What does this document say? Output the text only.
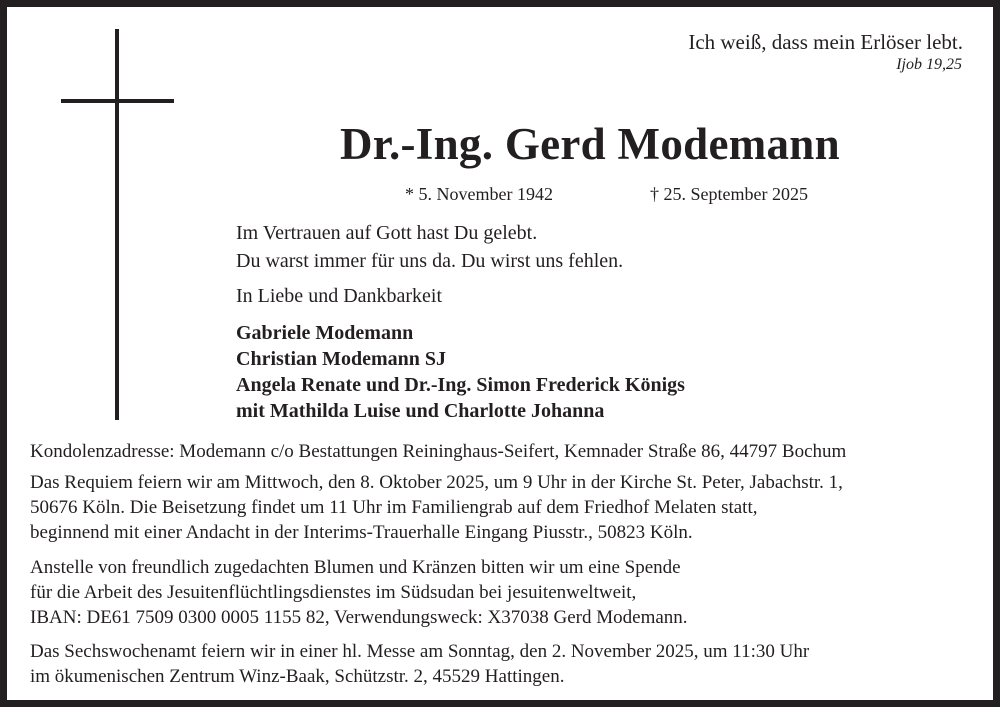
Ich weiß, dass mein Erlöser lebt.
Ijob 19,25
Dr.-Ing. Gerd Modemann
* 5. November 1942	† 25. September 2025
Im Vertrauen auf Gott hast Du gelebt.
Du warst immer für uns da. Du wirst uns fehlen.
In Liebe und Dankbarkeit
Gabriele Modemann
Christian Modemann SJ
Angela Renate und Dr.-Ing. Simon Frederick Königs
mit Mathilda Luise und Charlotte Johanna
Kondolenzadresse: Modemann c/o Bestattungen Reininghaus-Seifert, Kemnader Straße 86, 44797 Bochum
Das Requiem feiern wir am Mittwoch, den 8. Oktober 2025, um 9 Uhr in der Kirche St. Peter, Jabachstr. 1,
50676 Köln. Die Beisetzung findet um 11 Uhr im Familiengrab auf dem Friedhof Melaten statt,
beginnend mit einer Andacht in der Interims-Trauerhalle Eingang Piusstr., 50823 Köln.
Anstelle von freundlich zugedachten Blumen und Kränzen bitten wir um eine Spende
für die Arbeit des Jesuitenflüchtlingsdienstes im Südsudan bei jesuitenweltweit,
IBAN: DE61 7509 0300 0005 1155 82, Verwendungsweck: X37038 Gerd Modemann.
Das Sechswochenamt feiern wir in einer hl. Messe am Sonntag, den 2. November 2025, um 11:30 Uhr
im ökumenischen Zentrum Winz-Baak, Schützstr. 2, 45529 Hattingen.
